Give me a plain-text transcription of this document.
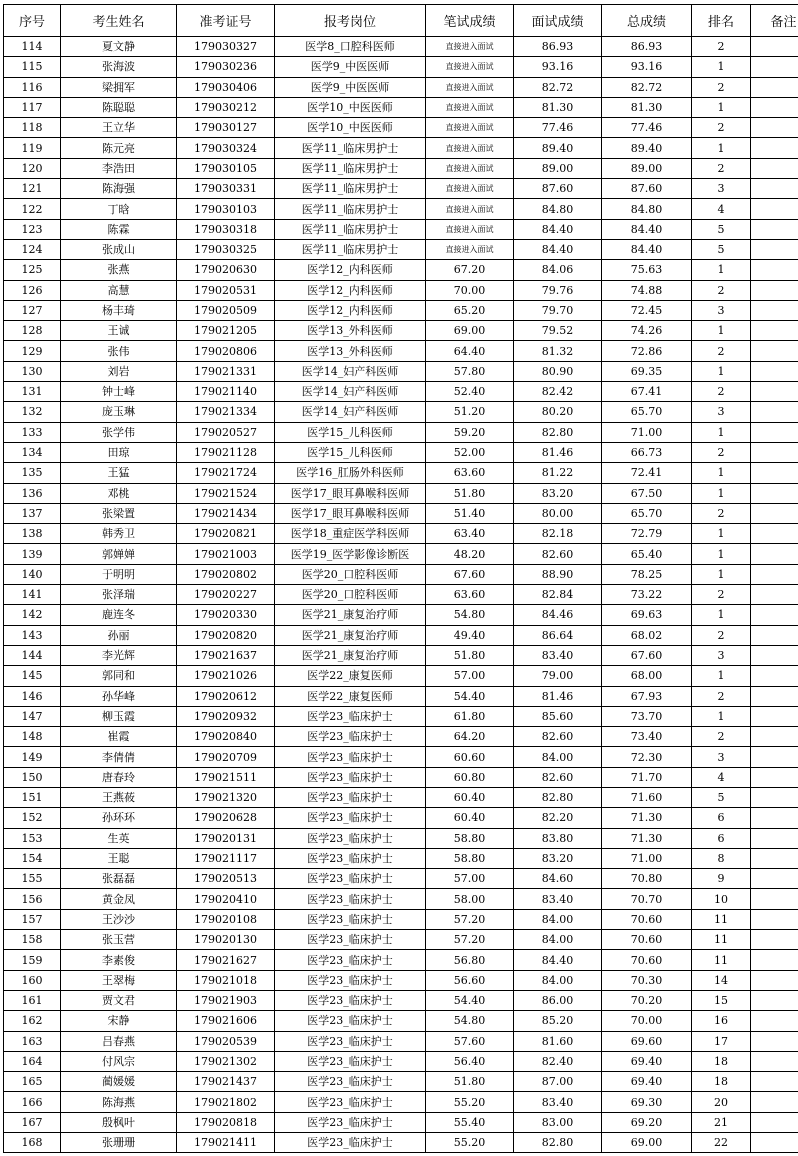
序号	考生姓名	准考证号	报考岗位	笔试成绩	面试成绩	总成绩	排名	备注
114	夏文静	179030327	医学8_口腔科医师	直接进入面试	86.93	86.93	2	
115	张海波	179030236	医学9_中医医师	直接进入面试	93.16	93.16	1	
116	梁拥军	179030406	医学9_中医医师	直接进入面试	82.72	82.72	2	
117	陈聪聪	179030212	医学10_中医医师	直接进入面试	81.30	81.30	1	
118	王立华	179030127	医学10_中医医师	直接进入面试	77.46	77.46	2	
119	陈元亮	179030324	医学11_临床男护士	直接进入面试	89.40	89.40	1	
120	李浩田	179030105	医学11_临床男护士	直接进入面试	89.00	89.00	2	
121	陈海强	179030331	医学11_临床男护士	直接进入面试	87.60	87.60	3	
122	丁晗	179030103	医学11_临床男护士	直接进入面试	84.80	84.80	4	
123	陈霖	179030318	医学11_临床男护士	直接进入面试	84.40	84.40	5	
124	张成山	179030325	医学11_临床男护士	直接进入面试	84.40	84.40	5	
125	张燕	179020630	医学12_内科医师	67.20	84.06	75.63	1	
126	高慧	179020531	医学12_内科医师	70.00	79.76	74.88	2	
127	杨丰琦	179020509	医学12_内科医师	65.20	79.70	72.45	3	
128	王诚	179021205	医学13_外科医师	69.00	79.52	74.26	1	
129	张伟	179020806	医学13_外科医师	64.40	81.32	72.86	2	
130	刘岩	179021331	医学14_妇产科医师	57.80	80.90	69.35	1	
131	钟士峰	179021140	医学14_妇产科医师	52.40	82.42	67.41	2	
132	庞玉琳	179021334	医学14_妇产科医师	51.20	80.20	65.70	3	
133	张学伟	179020527	医学15_儿科医师	59.20	82.80	71.00	1	
134	田琼	179021128	医学15_儿科医师	52.00	81.46	66.73	2	
135	王猛	179021724	医学16_肛肠外科医师	63.60	81.22	72.41	1	
136	邓桃	179021524	医学17_眼耳鼻喉科医师	51.80	83.20	67.50	1	
137	张梁置	179021434	医学17_眼耳鼻喉科医师	51.40	80.00	65.70	2	
138	韩秀卫	179020821	医学18_重症医学科医师	63.40	82.18	72.79	1	
139	郭婵婵	179021003	医学19_医学影像诊断医	48.20	82.60	65.40	1	
140	于明明	179020802	医学20_口腔科医师	67.60	88.90	78.25	1	
141	张泽瑞	179020227	医学20_口腔科医师	63.60	82.84	73.22	2	
142	鹿连冬	179020330	医学21_康复治疗师	54.80	84.46	69.63	1	
143	孙丽	179020820	医学21_康复治疗师	49.40	86.64	68.02	2	
144	李光辉	179021637	医学21_康复治疗师	51.80	83.40	67.60	3	
145	郭同和	179021026	医学22_康复医师	57.00	79.00	68.00	1	
146	孙华峰	179020612	医学22_康复医师	54.40	81.46	67.93	2	
147	柳玉霞	179020932	医学23_临床护士	61.80	85.60	73.70	1	
148	崔霞	179020840	医学23_临床护士	64.20	82.60	73.40	2	
149	李倩倩	179020709	医学23_临床护士	60.60	84.00	72.30	3	
150	唐春玲	179021511	医学23_临床护士	60.80	82.60	71.70	4	
151	王燕莜	179021320	医学23_临床护士	60.40	82.80	71.60	5	
152	孙环环	179020628	医学23_临床护士	60.40	82.20	71.30	6	
153	生英	179020131	医学23_临床护士	58.80	83.80	71.30	6	
154	王聪	179021117	医学23_临床护士	58.80	83.20	71.00	8	
155	张磊磊	179020513	医学23_临床护士	57.00	84.60	70.80	9	
156	黄金凤	179020410	医学23_临床护士	58.00	83.40	70.70	10	
157	王沙沙	179020108	医学23_临床护士	57.20	84.00	70.60	11	
158	张玉营	179020130	医学23_临床护士	57.20	84.00	70.60	11	
159	李素俊	179021627	医学23_临床护士	56.80	84.40	70.60	11	
160	王翠梅	179021018	医学23_临床护士	56.60	84.00	70.30	14	
161	贾文君	179021903	医学23_临床护士	54.40	86.00	70.20	15	
162	宋静	179021606	医学23_临床护士	54.80	85.20	70.00	16	
163	吕春燕	179020539	医学23_临床护士	57.60	81.60	69.60	17	
164	付风宗	179021302	医学23_临床护士	56.40	82.40	69.40	18	
165	蔺媛媛	179021437	医学23_临床护士	51.80	87.00	69.40	18	
166	陈海燕	179021802	医学23_临床护士	55.20	83.40	69.30	20	
167	殷枫叶	179020818	医学23_临床护士	55.40	83.00	69.20	21	
168	张珊珊	179021411	医学23_临床护士	55.20	82.80	69.00	22	
